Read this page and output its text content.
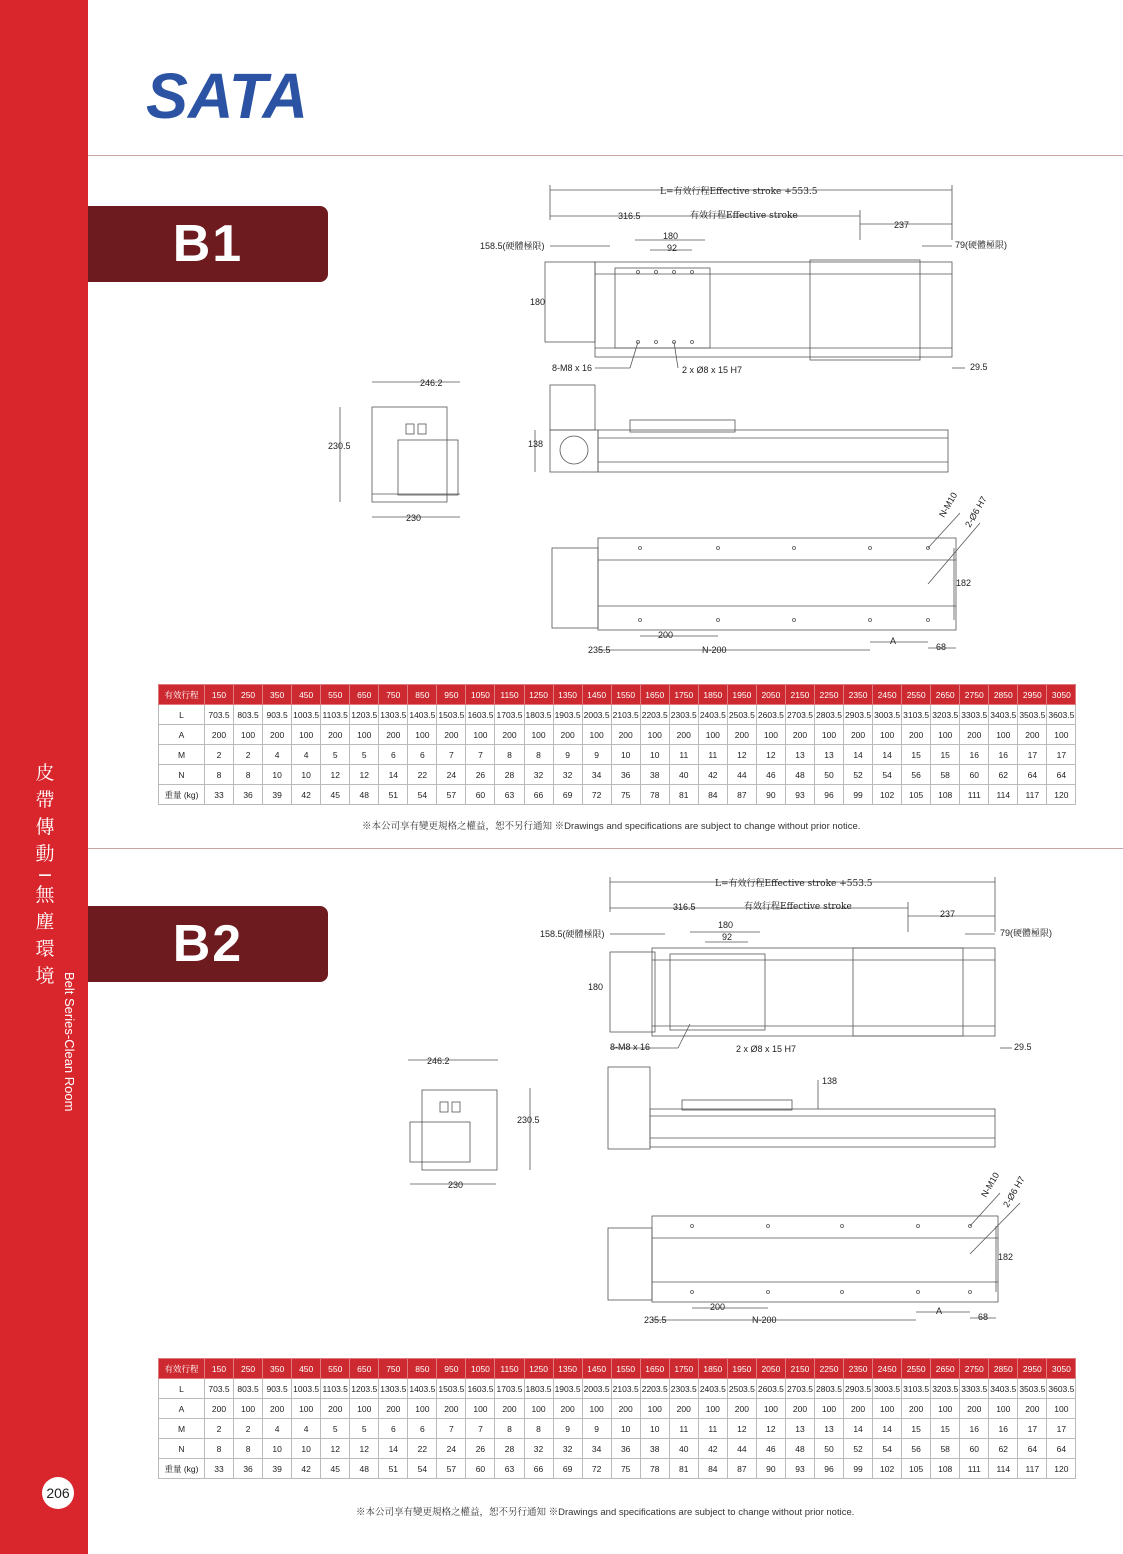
皮
帶
傳
動
−
無
塵
環
境 Belt Series-Clean Room
206
SATA
B1
B2
L=有效行程Effective stroke +553.5
316.5	有效行程Effective stroke
237
180
92
158.5(硬體極限)	79(硬體極限)
180
8-M8 x 16	2 x Ø8 x 15 H7	29.5
246.2
230.5
230
138
N-M10 2-Ø6 H7
182
200
235.5	N-200
A
68
有效行程	150	250	350	450	550	650	750	850	950	1050	1150	1250	1350	1450	1550	1650	1750	1850	1950	2050	2150	2250	2350	2450	2550	2650	2750	2850	2950	3050
L	703.5	803.5	903.5	1003.5	1103.5	1203.5	1303.5	1403.5	1503.5	1603.5	1703.5	1803.5	1903.5	2003.5	2103.5	2203.5	2303.5	2403.5	2503.5	2603.5	2703.5	2803.5	2903.5	3003.5	3103.5	3203.5	3303.5	3403.5	3503.5	3603.5
A	200	100	200	100	200	100	200	100	200	100	200	100	200	100	200	100	200	100	200	100	200	100	200	100	200	100	200	100	200	100
M	2	2	4	4	5	5	6	6	7	7	8	8	9	9	10	10	11	11	12	12	13	13	14	14	15	15	16	16	17	17
N	8	8	10	10	12	12	14	22	24	26	28	32	32	34	36	38	40	42	44	46	48	50	52	54	56	58	60	62	64	64
重量 (kg)	33	36	39	42	45	48	51	54	57	60	63	66	69	72	75	78	81	84	87	90	93	96	99	102	105	108	111	114	117	120
※本公司享有變更規格之權益，恕不另行通知 ※Drawings and specifications are subject to change without prior notice.
L=有效行程Effective stroke +553.5
316.5	有效行程Effective stroke
237
180
92
158.5(硬體極限)	79(硬體極限)
180
8-M8 x 16	2 x Ø8 x 15 H7	29.5
246.2
230.5
230
138
N-M10 2-Ø6 H7
182
200
235.5	N-200
A
68
有效行程	150	250	350	450	550	650	750	850	950	1050	1150	1250	1350	1450	1550	1650	1750	1850	1950	2050	2150	2250	2350	2450	2550	2650	2750	2850	2950	3050
L	703.5	803.5	903.5	1003.5	1103.5	1203.5	1303.5	1403.5	1503.5	1603.5	1703.5	1803.5	1903.5	2003.5	2103.5	2203.5	2303.5	2403.5	2503.5	2603.5	2703.5	2803.5	2903.5	3003.5	3103.5	3203.5	3303.5	3403.5	3503.5	3603.5
A	200	100	200	100	200	100	200	100	200	100	200	100	200	100	200	100	200	100	200	100	200	100	200	100	200	100	200	100	200	100
M	2	2	4	4	5	5	6	6	7	7	8	8	9	9	10	10	11	11	12	12	13	13	14	14	15	15	16	16	17	17
N	8	8	10	10	12	12	14	22	24	26	28	32	32	34	36	38	40	42	44	46	48	50	52	54	56	58	60	62	64	64
重量 (kg)	33	36	39	42	45	48	51	54	57	60	63	66	69	72	75	78	81	84	87	90	93	96	99	102	105	108	111	114	117	120
※本公司享有變更規格之權益，恕不另行通知 ※Drawings and specifications are subject to change without prior notice.
